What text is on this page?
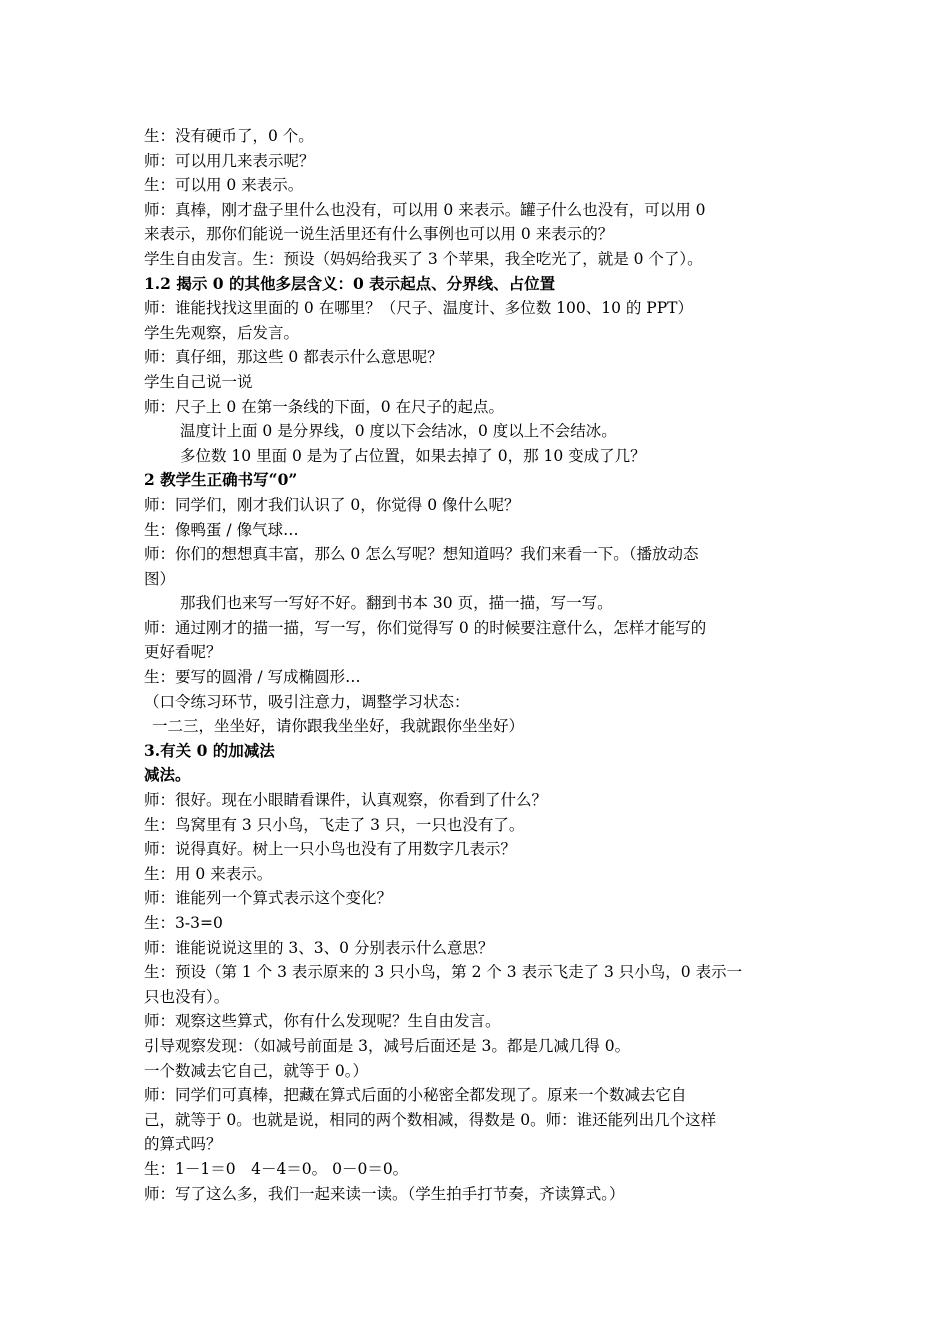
生：没有硬币了，0 个。
师：可以用几来表示呢？
生：可以用 0 来表示。
师：真棒，刚才盘子里什么也没有，可以用 0 来表示。罐子什么也没有，可以用 0
来表示，那你们能说一说生活里还有什么事例也可以用 0 来表示的？
学生自由发言。生：预设（妈妈给我买了 3 个苹果，我全吃光了，就是 0 个了）。
1.2 揭示 0 的其他多层含义：0 表示起点、分界线、占位置
师：谁能找找这里面的 0 在哪里？（尺子、温度计、多位数 100、10 的 PPT）
学生先观察，后发言。
师：真仔细，那这些 0 都表示什么意思呢？
学生自己说一说
师：尺子上 0 在第一条线的下面，0 在尺子的起点。
温度计上面 0 是分界线，0 度以下会结冰，0 度以上不会结冰。
多位数 10 里面 0 是为了占位置，如果去掉了 0，那 10 变成了几？
2 教学生正确书写“0”
师：同学们，刚才我们认识了 0，你觉得 0 像什么呢？
生：像鸭蛋 / 像气球…
师：你们的想想真丰富，那么 0 怎么写呢？想知道吗？我们来看一下。（播放动态
图）
那我们也来写一写好不好。翻到书本 30 页，描一描，写一写。
师：通过刚才的描一描，写一写，你们觉得写 0 的时候要注意什么，怎样才能写的
更好看呢？
生：要写的圆滑 / 写成椭圆形…
（口令练习环节，吸引注意力，调整学习状态：
一二三，坐坐好，请你跟我坐坐好，我就跟你坐坐好）
3.有关 0 的加减法
减法。
师：很好。现在小眼睛看课件，认真观察，你看到了什么？
生：鸟窝里有 3 只小鸟，飞走了 3 只，一只也没有了。
师：说得真好。树上一只小鸟也没有了用数字几表示？
生：用 0 来表示。
师：谁能列一个算式表示这个变化？
生：3-3=0
师：谁能说说这里的 3、3、0 分别表示什么意思？
生：预设（第 1 个 3 表示原来的 3 只小鸟，第 2 个 3 表示飞走了 3 只小鸟，0 表示一
只也没有）。
师：观察这些算式，你有什么发现呢？生自由发言。
引导观察发现：（如减号前面是 3，减号后面还是 3。都是几减几得 0。
一个数减去它自己，就等于 0。）
师：同学们可真棒，把藏在算式后面的小秘密全都发现了。原来一个数减去它自
己，就等于 0。也就是说，相同的两个数相减，得数是 0。师：谁还能列出几个这样
的算式吗？
生：1－1＝0　4－4＝0。 0－0＝0。
师：写了这么多，我们一起来读一读。（学生拍手打节奏，齐读算式。）
